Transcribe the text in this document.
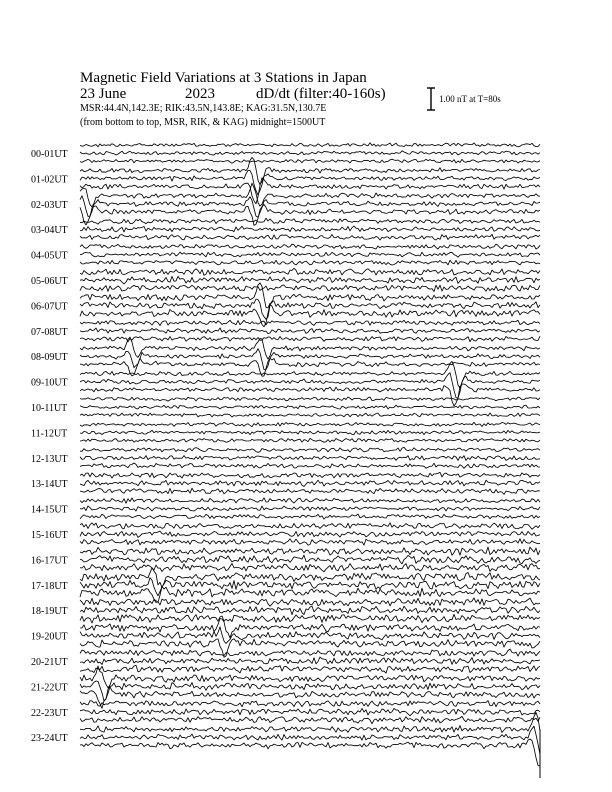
Magnetic Field Variations at 3 Stations in Japan
23 June	2023	dD/dt (filter:40-160s)
MSR:44.4N,142.3E; RIK:43.5N,143.8E; KAG:31.5N,130.7E
(from bottom to top, MSR, RIK, & KAG) midnight=1500UT
1.00 nT at T=80s
00-01UT
01-02UT
02-03UT
03-04UT
04-05UT
05-06UT
06-07UT
07-08UT
08-09UT
09-10UT
10-11UT
11-12UT
12-13UT
13-14UT
14-15UT
15-16UT
16-17UT
17-18UT
18-19UT
19-20UT
20-21UT
21-22UT
22-23UT
23-24UT
